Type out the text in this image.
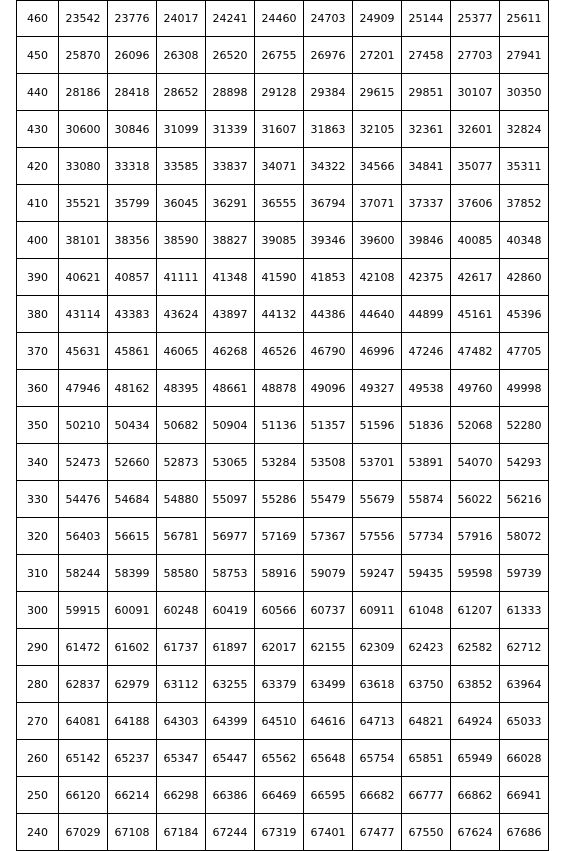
460	23542	23776	24017	24241	24460	24703	24909	25144	25377	25611
450	25870	26096	26308	26520	26755	26976	27201	27458	27703	27941
440	28186	28418	28652	28898	29128	29384	29615	29851	30107	30350
430	30600	30846	31099	31339	31607	31863	32105	32361	32601	32824
420	33080	33318	33585	33837	34071	34322	34566	34841	35077	35311
410	35521	35799	36045	36291	36555	36794	37071	37337	37606	37852
400	38101	38356	38590	38827	39085	39346	39600	39846	40085	40348
390	40621	40857	41111	41348	41590	41853	42108	42375	42617	42860
380	43114	43383	43624	43897	44132	44386	44640	44899	45161	45396
370	45631	45861	46065	46268	46526	46790	46996	47246	47482	47705
360	47946	48162	48395	48661	48878	49096	49327	49538	49760	49998
350	50210	50434	50682	50904	51136	51357	51596	51836	52068	52280
340	52473	52660	52873	53065	53284	53508	53701	53891	54070	54293
330	54476	54684	54880	55097	55286	55479	55679	55874	56022	56216
320	56403	56615	56781	56977	57169	57367	57556	57734	57916	58072
310	58244	58399	58580	58753	58916	59079	59247	59435	59598	59739
300	59915	60091	60248	60419	60566	60737	60911	61048	61207	61333
290	61472	61602	61737	61897	62017	62155	62309	62423	62582	62712
280	62837	62979	63112	63255	63379	63499	63618	63750	63852	63964
270	64081	64188	64303	64399	64510	64616	64713	64821	64924	65033
260	65142	65237	65347	65447	65562	65648	65754	65851	65949	66028
250	66120	66214	66298	66386	66469	66595	66682	66777	66862	66941
240	67029	67108	67184	67244	67319	67401	67477	67550	67624	67686
